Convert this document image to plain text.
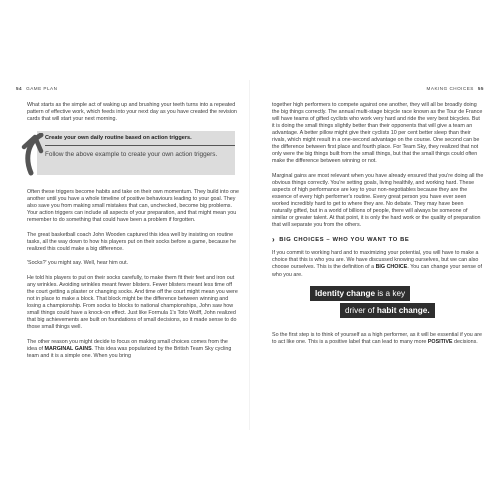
54 GAME PLAN	MAKING CHOICES 55

What starts as the simple act of waking up and brushing your teeth turns into a repeated pattern of effective work, which feeds into your next day as you have created the revision cards that will start your next morning.

Create your own daily routine based on action triggers.
Follow the above example to create your own action triggers.

Often these triggers become habits and take on their own momentum. They build into one another until you have a whole timeline of positive behaviours leading to your goal. They also save you from making small mistakes that can, unchecked, become big problems. Your action triggers can include all aspects of your preparation, and that might mean you remember to do something that could have been a problem if forgotten.

The great basketball coach John Wooden captured this idea well by insisting on routine tasks, all the way down to how his players put on their socks before a game, because he realized this could make a big difference.

'Socks?' you might say. Well, hear him out.

He told his players to put on their socks carefully, to make them fit their feet and iron out any wrinkles. Avoiding wrinkles meant fewer blisters. Fewer blisters meant less time off the court getting a plaster or changing socks. And time off the court might mean you were not in place to make a block. That block might be the difference between winning and losing a championship. From socks to blocks to national championships, John saw how small things could have a knock-on effect. Just like Formula 1's Toto Wolff, John realized that big achievements are built on foundations of small decisions, so it made sense to do those small things well.

The other reason you might decide to focus on making small choices comes from the idea of MARGINAL GAINS. This idea was popularized by the British Team Sky cycling team and it is a simple one. When you bring

together high performers to compete against one another, they will all be broadly doing the big things correctly. The annual multi-stage bicycle race known as the Tour de France will have teams of gifted cyclists who work very hard and ride the very best bicycles. But it is doing the small things slightly better than their opponents that will give a team an advantage. A better pillow might give their cyclists 10 per cent better sleep than their rivals, which might result in a one-second advantage on the course. One second can be the difference between first place and fourth place. For Team Sky, they realized that not only were the big things built from the small things, but that the small things could often make the difference between winning or not.

Marginal gains are most relevant when you have already ensured that you're doing all the obvious things correctly. You're setting goals, living healthily, and working hard. These aspects of high performance are key to your non-negotiables because they are the essence of every high performer's routine. Every great person you have ever seen worked incredibly hard to get to where they are. No debate. They may have been naturally gifted, but in a world of billions of people, there will always be someone of similar or greater talent. At that point, it is only the hard work or the quality of preparation that will separate you from the others.

› BIG CHOICES – WHO YOU WANT TO BE

If you commit to working hard and to maximizing your potential, you will have to make a choice that this is who you are. We have discussed knowing ourselves, but we can also choose ourselves. This is the definition of a BIG CHOICE. You can change your sense of who you are.

Identity change is a key
driver of habit change.

So the first step is to think of yourself as a high performer, as it will be essential if you are to act like one. This is a positive label that can lead to many more POSITIVE decisions.
